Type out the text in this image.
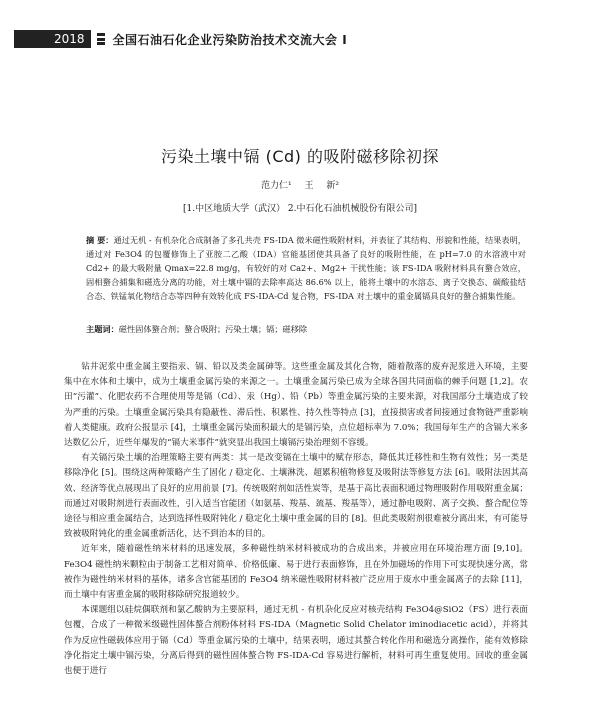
2018	全国石油石化企业污染防治技术交流大会 I
污染土壤中镉 (Cd) 的吸附磁移除初探
范力仁¹ 王 新²
[1.中区地质大学（武汉） 2.中石化石油机械股份有限公司]
摘 要：通过无机 - 有机杂化合成制备了多孔共壳 FS-IDA 微米磁性吸附材料，并表征了其结构、形貌和性能，结果表明，通过对 Fe3O4 的包覆修饰上了亚胺二乙酸（IDA）官能基团使其具备了良好的吸附性能，在 pH=7.0 的水溶液中对 Cd2+ 的最大吸附量 Qmax=22.8 mg/g，有较好的对 Ca2+、Mg2+ 干扰性能；该 FS-IDA 吸附材料具有螯合效应，固相螯合捕集和磁选分离的功能，对土壤中镉的去除率高达 86.6% 以上，能将土壤中的水溶态、离子交换态、碳酸盐结合态、铁锰氧化物结合态等四种有效转化成 FS-IDA-Cd 复合物，FS-IDA 对土壤中的重金属镉具良好的螯合捕集性能。
主题词：磁性固体螯合剂；螯合吸附；污染土壤；镉；磁移除

钻井泥浆中重金属主要指汞、镉、铅以及类金属砷等。这些重金属及其化合物，随着散落的废弃泥浆进入环境，主要集中在水体和土壤中，成为土壤重金属污染的来源之一。土壤重金属污染已成为全球各国共同面临的棘手问题 [1,2]。农田“污灌”、化肥农药不合理使用等是镉（Cd）、汞（Hg）、铅（Pb）等重金属污染的主要来源，对我国部分土壤造成了较为严重的污染。土壤重金属污染具有隐蔽性、滞后性、积累性、持久性等特点 [3]，直接损害或者间接通过食物链严重影响着人类健康。政府公报显示 [4]，土壤重金属污染面积最大的是镉污染，点位超标率为 7.0%；我国每年生产的含镉大米多达数亿公斤，近些年爆发的“镉大米事件”就突显出我国土壤镉污染治理刻不容缓。

有关镉污染土壤的治理策略主要有两类：其一是改变镉在土壤中的赋存形态，降低其迁移性和生物有效性；另一类是移除净化 [5]。围绕这两种策略产生了固化 / 稳定化、土壤淋洗、超累积植物修复及吸附法等修复方法 [6]。吸附法因其高效、经济等优点展现出了良好的应用前景 [7]。传统吸附剂如活性炭等，是基于高比表面积通过物理吸附作用吸附重金属；而通过对吸附剂进行表面改性，引入适当官能团（如氨基、羧基、巯基、羧基等），通过静电吸附、离子交换、螯合配位等途径与相应重金属结合，达到选择性吸附钝化 / 稳定化土壤中重金属的目的 [8]。但此类吸附剂很难被分离出来，有可能导致被吸附钝化的重金属重新活化，达不到治本的目的。

近年来，随着磁性纳米材料的迅速发展，多种磁性纳米材料被成功的合成出来，并被应用在环境治理方面 [9,10]。Fe3O4 磁性纳米颗粒由于制备工艺相对简单、价格低廉、易于进行表面修饰，且在外加磁场的作用下可实现快速分离，常被作为磁性纳米材料的基体，诸多含官能基团的 Fe3O4 纳米磁性吸附材料被广泛应用于废水中重金属离子的去除 [11]，而土壤中有害重金属的吸附移除研究报道较少。

本课题组以硅烷偶联剂和氯乙酸钠为主要原料，通过无机 - 有机杂化反应对核壳结构 Fe3O4@SiO2（FS）进行表面包覆，合成了一种微米级磁性固体螯合剂粉体材料 FS-IDA（Magnetic Solid Chelator iminodiacetic acid），并将其作为反应性磁载体应用于镉（Cd）等重金属污染的土壤中，结果表明，通过其螯合转化作用和磁选分离操作，能有效修除净化指定土壤中镉污染，分离后得到的磁性固体螯合物 FS-IDA-Cd 容易进行解析，材料可再生重复使用。回收的重金属也便于进行
